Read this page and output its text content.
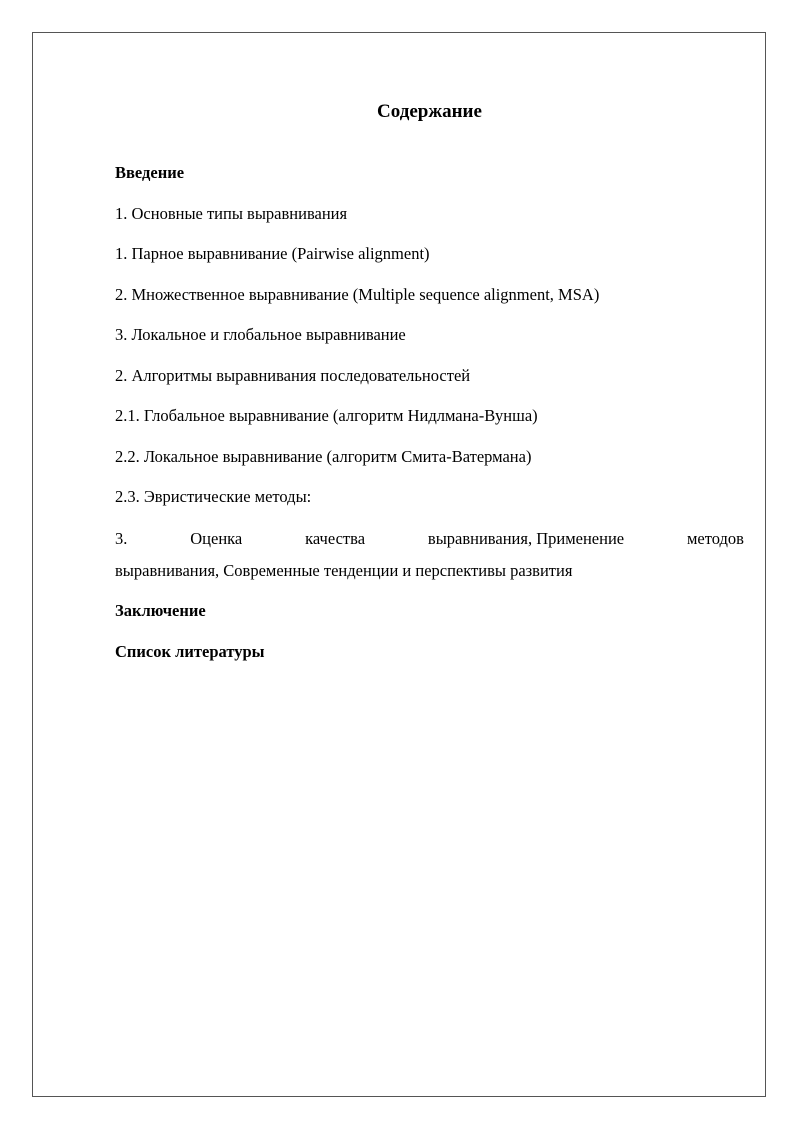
Содержание

Введение

1. Основные типы выравнивания

1. Парное выравнивание (Pairwise alignment)

2. Множественное выравнивание (Multiple sequence alignment, MSA)

3. Локальное и глобальное выравнивание

2. Алгоритмы выравнивания последовательностей

2.1. Глобальное выравнивание (алгоритм Нидлмана-Вунша)

2.2. Локальное выравнивание (алгоритм Смита-Ватермана)

2.3. Эвристические методы:

3.	Оценка	качества	выравнивания, Применение	методов

выравнивания, Современные тенденции и перспективы развития

Заключение

Список литературы
